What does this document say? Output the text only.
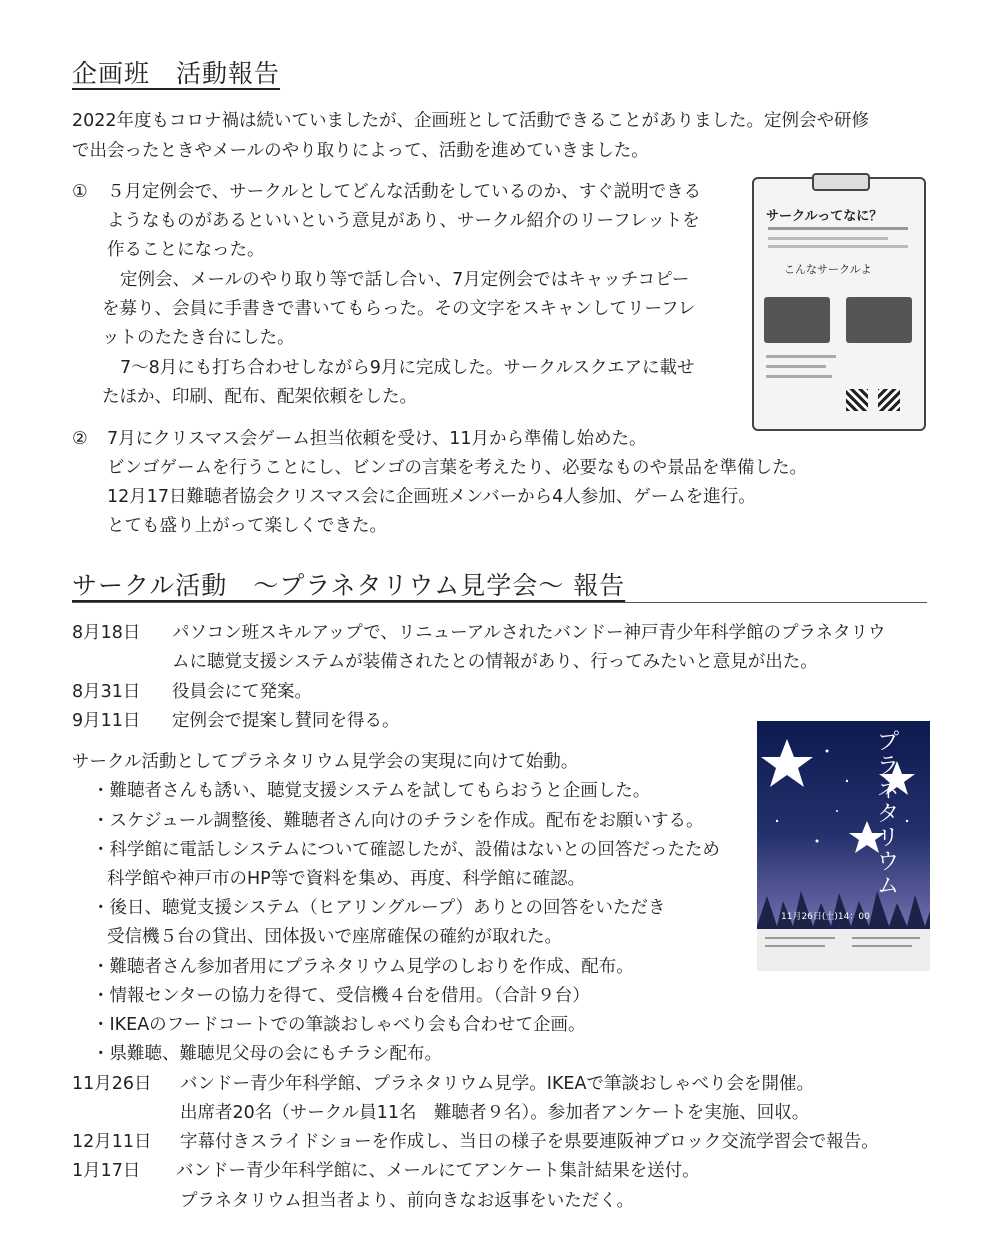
企画班　活動報告
2022年度もコロナ禍は続いていましたが、企画班として活動できることがありました。定例会や研修
で出会ったときやメールのやり取りによって、活動を進めていきました。
① ５月定例会で、サークルとしてどんな活動をしているのか、すぐ説明できる
ようなものがあるといいという意見があり、サークル紹介のリーフレットを
作ることになった。
定例会、メールのやり取り等で話し合い、7月定例会ではキャッチコピー
を募り、会員に手書きで書いてもらった。その文字をスキャンしてリーフレ
ットのたたき台にした。
7～8月にも打ち合わせしながら9月に完成した。サークルスクエアに載せ
たほか、印刷、配布、配架依頼をした。
サークルってなに？
こんなサークルよ
② 7月にクリスマス会ゲーム担当依頼を受け、11月から準備し始めた。
ビンゴゲームを行うことにし、ビンゴの言葉を考えたり、必要なものや景品を準備した。
12月17日難聴者協会クリスマス会に企画班メンバーから4人参加、ゲームを進行。
とても盛り上がって楽しくできた。
サークル活動　～プラネタリウム見学会～ 報告
8月18日 パソコン班スキルアップで、リニューアルされたバンドー神戸青少年科学館のプラネタリウ
ムに聴覚支援システムが装備されたとの情報があり、行ってみたいと意見が出た。
8月31日 役員会にて発案。
9月11日 定例会で提案し賛同を得る。
サークル活動としてプラネタリウム見学会の実現に向けて始動。
・難聴者さんも誘い、聴覚支援システムを試してもらおうと企画した。
・スケジュール調整後、難聴者さん向けのチラシを作成。配布をお願いする。
・科学館に電話しシステムについて確認したが、設備はないとの回答だったため
科学館や神戸市のHP等で資料を集め、再度、科学館に確認。
・後日、聴覚支援システム（ヒアリングループ）ありとの回答をいただき
受信機５台の貸出、団体扱いで座席確保の確約が取れた。
・難聴者さん参加者用にプラネタリウム見学のしおりを作成、配布。
・情報センターの協力を得て、受信機４台を借用。（合計９台）
・IKEAのフードコートでの筆談おしゃべり会も合わせて企画。
・県難聴、難聴児父母の会にもチラシ配布。
プラネタリウム
11月26日(土)14：00
11月26日 バンドー青少年科学館、プラネタリウム見学。IKEAで筆談おしゃべり会を開催。
出席者20名（サークル員11名　難聴者９名）。参加者アンケートを実施、回収。
12月11日 字幕付きスライドショーを作成し、当日の様子を県要連阪神ブロック交流学習会で報告。
1月17日 バンドー青少年科学館に、メールにてアンケート集計結果を送付。
プラネタリウム担当者より、前向きなお返事をいただく。
